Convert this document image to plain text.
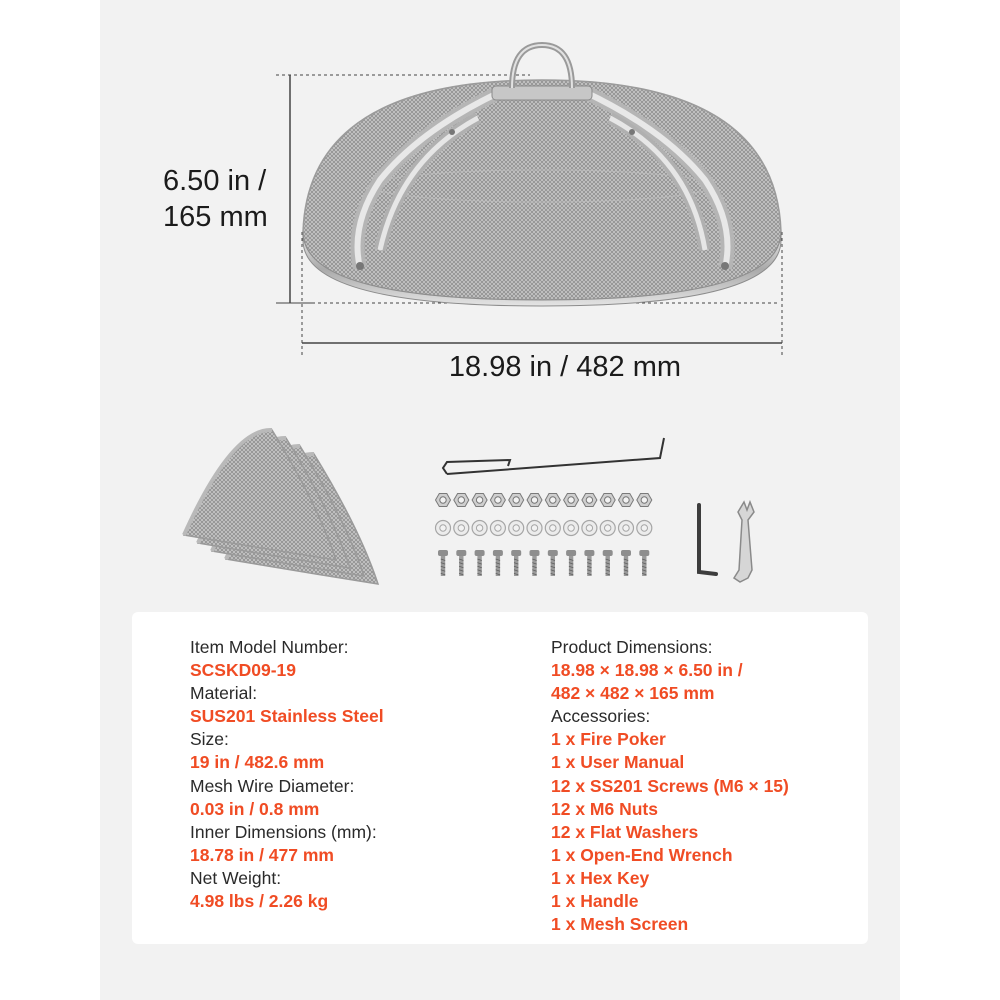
6.50 in /
165 mm
18.98 in / 482 mm
Item Model Number:
SCSKD09-19
Material:
SUS201 Stainless Steel
Size:
19 in / 482.6 mm
Mesh Wire Diameter:
0.03 in / 0.8 mm
Inner Dimensions (mm):
18.78 in / 477 mm
Net Weight:
4.98 lbs / 2.26 kg
Product Dimensions:
18.98 × 18.98 × 6.50 in /
482 × 482 × 165 mm
Accessories:
1 x Fire Poker
1 x User Manual
12 x SS201 Screws (M6 × 15)
12 x M6 Nuts
12 x Flat Washers
1 x Open-End Wrench
1 x Hex Key
1 x Handle
1 x Mesh Screen
